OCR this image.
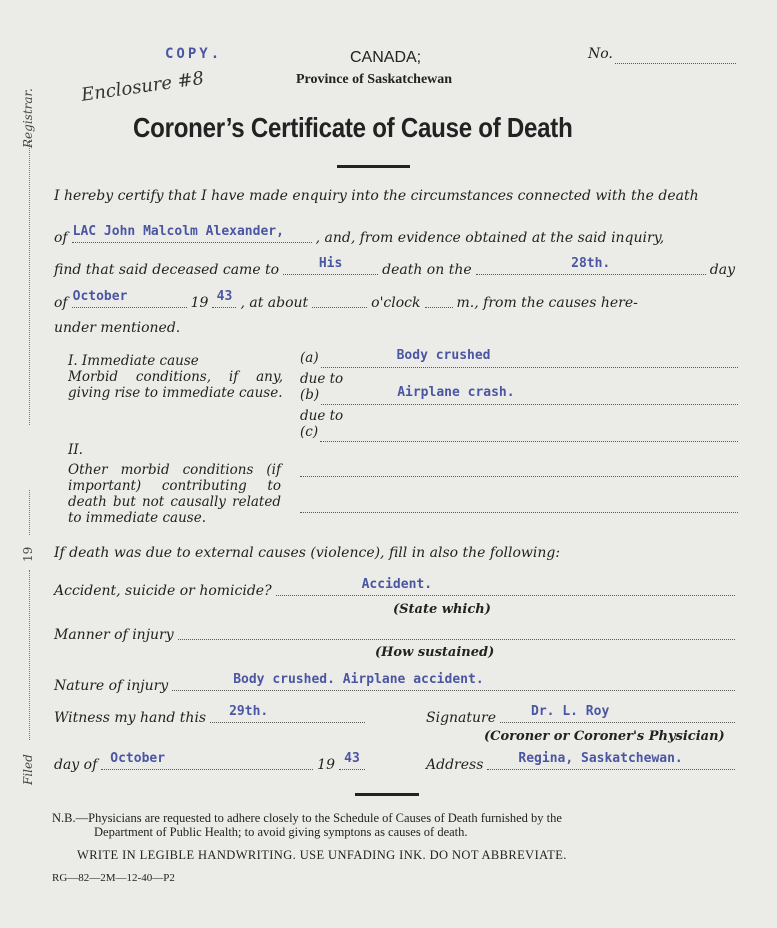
Registrar.
19
Filed
COPY.
Enclosure #8
CANADA;
Province of Saskatchewan
No.
Coroner’s Certificate of Cause of Death
I hereby certify that I have made enquiry into the circumstances connected with the death
of LAC John Malcolm Alexander,	, and, from evidence obtained at the said inquiry,
find that said deceased came to	His	death on the	28th.	day
of October	19 43 , at about	o'clock	m., from the causes here-
under mentioned.
I. Immediate cause
Morbid conditions, if any, giving rise to immediate cause.
(a)	Body crushed
due to
(b)	Airplane crash.
due to
(c)
II.
Other morbid conditions (if important) contributing to death but not causally related to immediate cause.
If death was due to external causes (violence), fill in also the following:
Accident, suicide or homicide?	Accident.
(State which)
Manner of injury
(How sustained)
Nature of injury	Body crushed. Airplane accident.
Witness my hand this	29th.	Signature	Dr. L. Roy
(Coroner or Coroner's Physician)
day of	October	19 43	Address	Regina, Saskatchewan.
N.B.—Physicians are requested to adhere closely to the Schedule of Causes of Death furnished by the
Department of Public Health; to avoid giving symptons as causes of death.
WRITE IN LEGIBLE HANDWRITING. USE UNFADING INK. DO NOT ABBREVIATE.
RG—82—2M—12-40—P2
